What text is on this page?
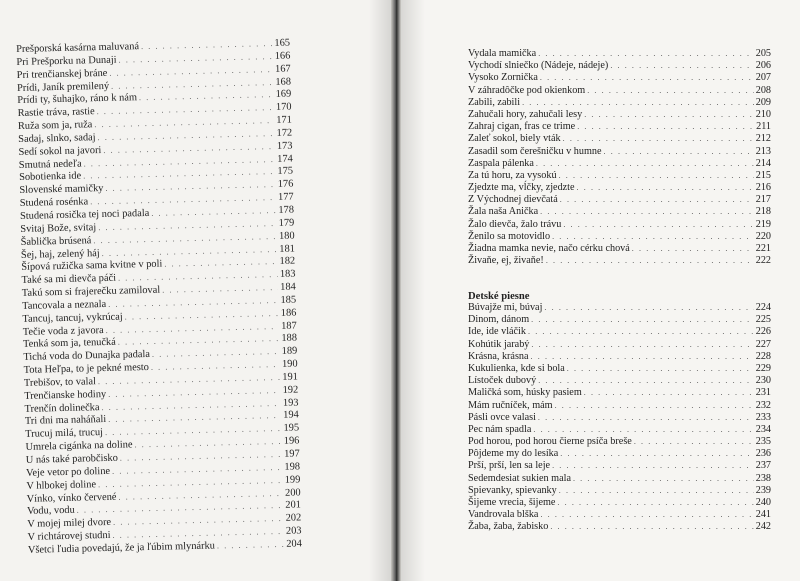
Prešporská kasárna maluvaná . . .	165
Pri Prešporku na Dunaji . . .	166
Pri trenčianskej bráne . . .	167
Prídi, Janík premilený . . .	168
Prídi ty, šuhajko, ráno k nám . . .	169
Rastie tráva, rastie . . .	170
Ruža som ja, ruža . . .	171
Sadaj, slnko, sadaj . . .	172
Sedí sokol na javori . . .	173
Smutná nedeľa . . .	174
Sobotienka ide . . .	175
Slovenské mamičky . . .	176
Studená rosénka . . .	177
Studená rosička tej noci padala . . .	178
Svitaj Bože, svitaj . . .	179
Šablička brúsená . . .	180
Šej, haj, zelený háj . . .	181
Šípová ružička sama kvitne v poli . . .	182
Také sa mi dievča páči . . .	183
Takú som si frajerečku zamiloval . . .	184
Tancovala a neznala . . .	185
Tancuj, tancuj, vykrúcaj . . .	186
Tečie voda z javora . . .	187
Tenká som ja, tenučká . . .	188
Tichá voda do Dunajka padala . . .	189
Tota Heľpa, to je pekné mesto . . .	190
Trebišov, to valal . . .	191
Trenčianske hodiny . . .	192
Trenčín dolinečka . . .	193
Tri dni ma naháňali . . .	194
Trucuj milá, trucuj . . .	195
Umrela cigánka na doline . . .	196
U nás také parobčisko . . .	197
Veje vetor po doline . . .	198
V hlbokej doline . . .	199
Vínko, vínko červené . . .	200
Vodu, vodu . . .	201
V mojej milej dvore . . .	202
V richtárovej studni . . .	203
Všetci ľudia povedajú, že ja ľúbim mlynárku . . .	204
Vydala mamička . . .	205
Vychodí slniečko (Nádeje, nádeje) . . .	206
Vysoko Zornička . . .	207
V záhradôčke pod okienkom . . .	208
Zabili, zabili . . .	209
Zahučali hory, zahučali lesy . . .	210
Zahraj cigan, fras ce trime . . .	211
Zaleť sokol, biely vták . . .	212
Zasadil som čerešničku v humne . . .	213
Zaspala pálenka . . .	214
Za tú horu, za vysokú . . .	215
Zjedzte ma, vĺčky, zjedzte . . .	216
Z Východnej dievčatá . . .	217
Žala naša Anička . . .	218
Žalo dievča, žalo trávu . . .	219
Ženilo sa motovidlo . . .	220
Žiadna mamka nevie, načo cérku chová . . .	221
Živaňe, ej, živaňe! . . .	222
Detské piesne
Búvajže mi, búvaj . . .	224
Dinom, dánom . . .	225
Ide, ide vláčik . . .	226
Kohútik jarabý . . .	227
Krásna, krásna . . .	228
Kukulienka, kde si bola . . .	229
Lístoček dubový . . .	230
Maličká som, húsky pasiem . . .	231
Mám ručníček, mám . . .	232
Pásli ovce valasi . . .	233
Pec nám spadla . . .	234
Pod horou, pod horou čierne psíča breše . . .	235
Pôjdeme my do lesíka . . .	236
Prší, prší, len sa leje . . .	237
Sedemdesiat sukien mala . . .	238
Spievanky, spievanky . . .	239
Šijeme vrecia, šijeme . . .	240
Vandrovala blška . . .	241
Žaba, žaba, žabisko . . .	242
